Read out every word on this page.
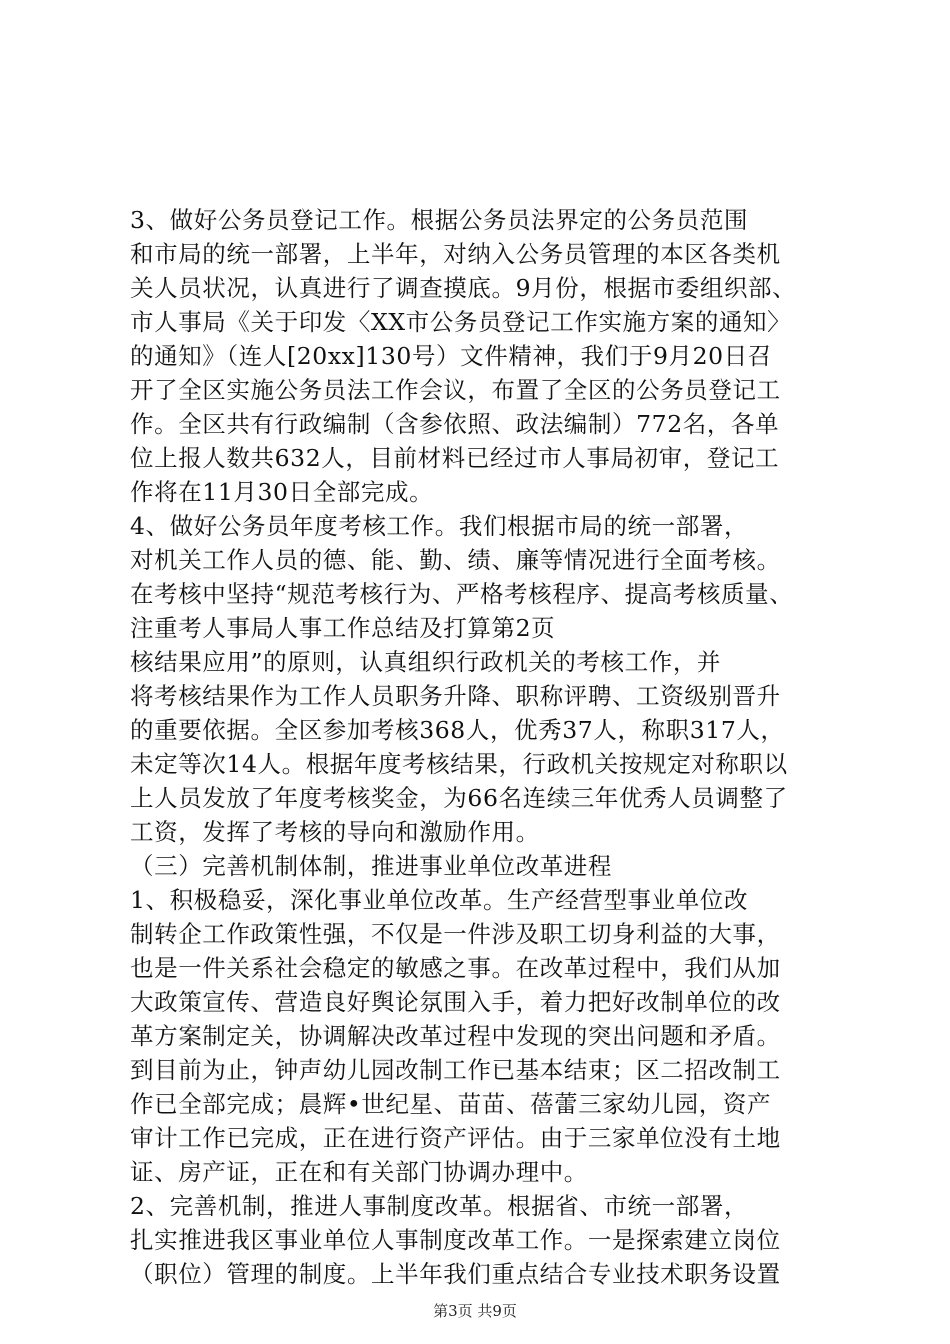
3、做好公务员登记工作。根据公务员法界定的公务员范围
和市局的统一部署，上半年，对纳入公务员管理的本区各类机
关人员状况，认真进行了调查摸底。9月份，根据市委组织部、
市人事局《关于印发〈XX市公务员登记工作实施方案的通知〉
的通知》（连人[20xx]130号）文件精神，我们于9月20日召
开了全区实施公务员法工作会议，布置了全区的公务员登记工
作。全区共有行政编制（含参依照、政法编制）772名，各单
位上报人数共632人，目前材料已经过市人事局初审，登记工
作将在11月30日全部完成。
4、做好公务员年度考核工作。我们根据市局的统一部署，
对机关工作人员的德、能、勤、绩、廉等情况进行全面考核。
在考核中坚持“规范考核行为、严格考核程序、提高考核质量、
注重考人事局人事工作总结及打算第2页
核结果应用”的原则，认真组织行政机关的考核工作，并
将考核结果作为工作人员职务升降、职称评聘、工资级别晋升
的重要依据。全区参加考核368人，优秀37人，称职317人，
未定等次14人。根据年度考核结果，行政机关按规定对称职以
上人员发放了年度考核奖金，为66名连续三年优秀人员调整了
工资，发挥了考核的导向和激励作用。
（三）完善机制体制，推进事业单位改革进程
1、积极稳妥，深化事业单位改革。生产经营型事业单位改
制转企工作政策性强，不仅是一件涉及职工切身利益的大事，
也是一件关系社会稳定的敏感之事。在改革过程中，我们从加
大政策宣传、营造良好舆论氛围入手，着力把好改制单位的改
革方案制定关，协调解决改革过程中发现的突出问题和矛盾。
到目前为止，钟声幼儿园改制工作已基本结束；区二招改制工
作已全部完成；晨辉•世纪星、苗苗、蓓蕾三家幼儿园，资产
审计工作已完成，正在进行资产评估。由于三家单位没有土地
证、房产证，正在和有关部门协调办理中。
2、完善机制，推进人事制度改革。根据省、市统一部署，
扎实推进我区事业单位人事制度改革工作。一是探索建立岗位
（职位）管理的制度。上半年我们重点结合专业技术职务设置
第3页 共9页
